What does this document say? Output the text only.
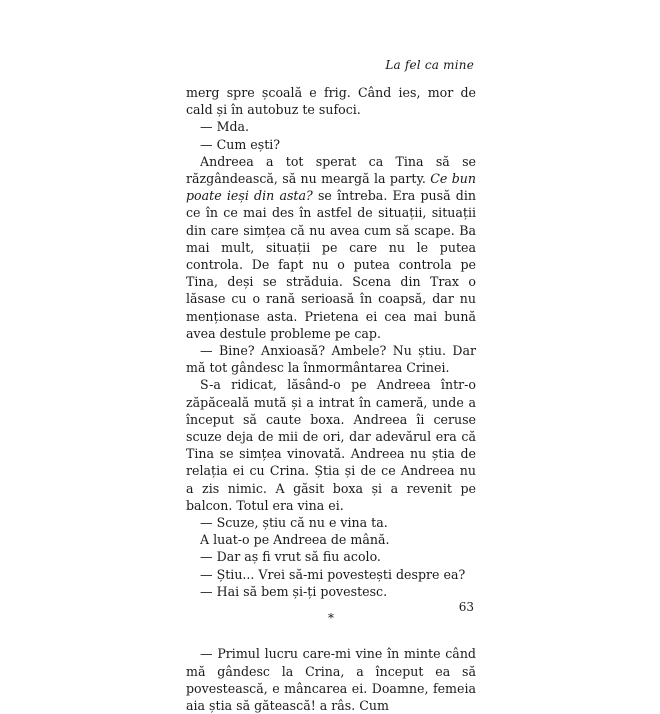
La fel ca mine

merg spre școală e frig. Când ies, mor de cald și în autobuz te sufoci.

— Mda.

— Cum ești?

Andreea a tot sperat ca Tina să se răzgândească, să nu meargă la party. Ce bun poate ieși din asta? se întreba. Era pusă din ce în ce mai des în astfel de situații, situații din care simțea că nu avea cum să scape. Ba mai mult, situații pe care nu le putea controla. De fapt nu o putea controla pe Tina, deși se străduia. Scena din Trax o lăsase cu o rană serioasă în coapsă, dar nu menționase asta. Prietena ei cea mai bună avea destule probleme pe cap.

— Bine? Anxioasă? Ambele? Nu știu. Dar mă tot gândesc la înmormântarea Crinei.

S-a ridicat, lăsând-o pe Andreea într-o zăpăceală mută și a intrat în cameră, unde a început să caute boxa. Andreea îi ceruse scuze deja de mii de ori, dar adevărul era că Tina se simțea vinovată. Andreea nu știa de relația ei cu Crina. Știa și de ce Andreea nu a zis nimic. A găsit boxa și a revenit pe balcon. Totul era vina ei.

— Scuze, știu că nu e vina ta.

A luat-o pe Andreea de mână.

— Dar aș fi vrut să fiu acolo.

— Știu... Vrei să-mi povestești despre ea?

— Hai să bem și-ți povestesc.

*

— Primul lucru care-mi vine în minte când mă gândesc la Crina, a început ea să povestească, e mâncarea ei. Doamne, femeia aia știa să gătească! a râs. Cum

63
